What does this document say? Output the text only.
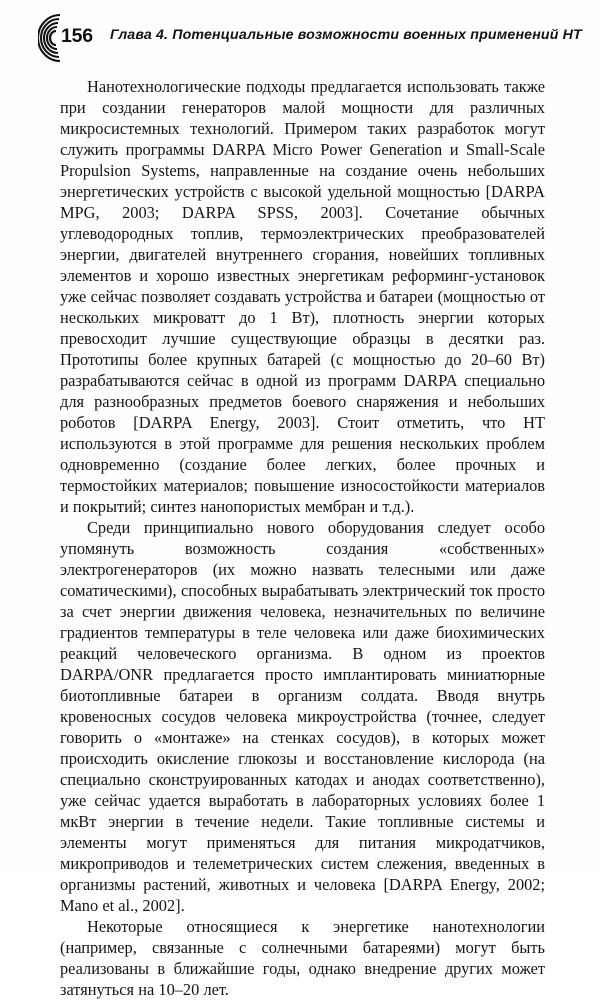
156 Глава 4. Потенциальные возможности военных применений НТ

Нанотехнологические подходы предлагается использовать также при создании генераторов малой мощности для различных микросистемных технологий. Примером таких разработок могут служить программы DARPA Micro Power Generation и Small-Scale Propulsion Systems, направленные на создание очень небольших энергетических устройств с высокой удельной мощностью [DARPA MPG, 2003; DARPA SPSS, 2003]. Сочетание обычных углеводородных топлив, термоэлектрических преобразователей энергии, двигателей внутреннего сгорания, новейших топливных элементов и хорошо известных энергетикам реформинг-установок уже сейчас позволяет создавать устройства и батареи (мощностью от нескольких микроватт до 1 Вт), плотность энергии которых превосходит лучшие существующие образцы в десятки раз. Прототипы более крупных батарей (с мощностью до 20–60 Вт) разрабатываются сейчас в одной из программ DARPA специально для разнообразных предметов боевого снаряжения и небольших роботов [DARPA Energy, 2003]. Стоит отметить, что НТ используются в этой программе для решения нескольких проблем одновременно (создание более легких, более прочных и термостойких материалов; повышение износостойкости материалов и покрытий; синтез нанопористых мембран и т.д.).

Среди принципиально нового оборудования следует особо упомянуть возможность создания «собственных» электрогенераторов (их можно назвать телесными или даже соматическими), способных вырабатывать электрический ток просто за счет энергии движения человека, незначительных по величине градиентов температуры в теле человека или даже биохимических реакций человеческого организма. В одном из проектов DARPA/ONR предлагается просто имплантировать миниатюрные биотопливные батареи в организм солдата. Вводя внутрь кровеносных сосудов человека микроустройства (точнее, следует говорить о «монтаже» на стенках сосудов), в которых может происходить окисление глюкозы и восстановление кислорода (на специально сконструированных катодах и анодах соответственно), уже сейчас удается выработать в лабораторных условиях более 1 мкВт энергии в течение недели. Такие топливные системы и элементы могут применяться для питания микродатчиков, микроприводов и телеметрических систем слежения, введенных в организмы растений, животных и человека [DARPA Energy, 2002; Mano et al., 2002].

Некоторые относящиеся к энергетике нанотехнологии (например, связанные с солнечными батареями) могут быть реализованы в ближайшие годы, однако внедрение других может затянуться на 10–20 лет.
